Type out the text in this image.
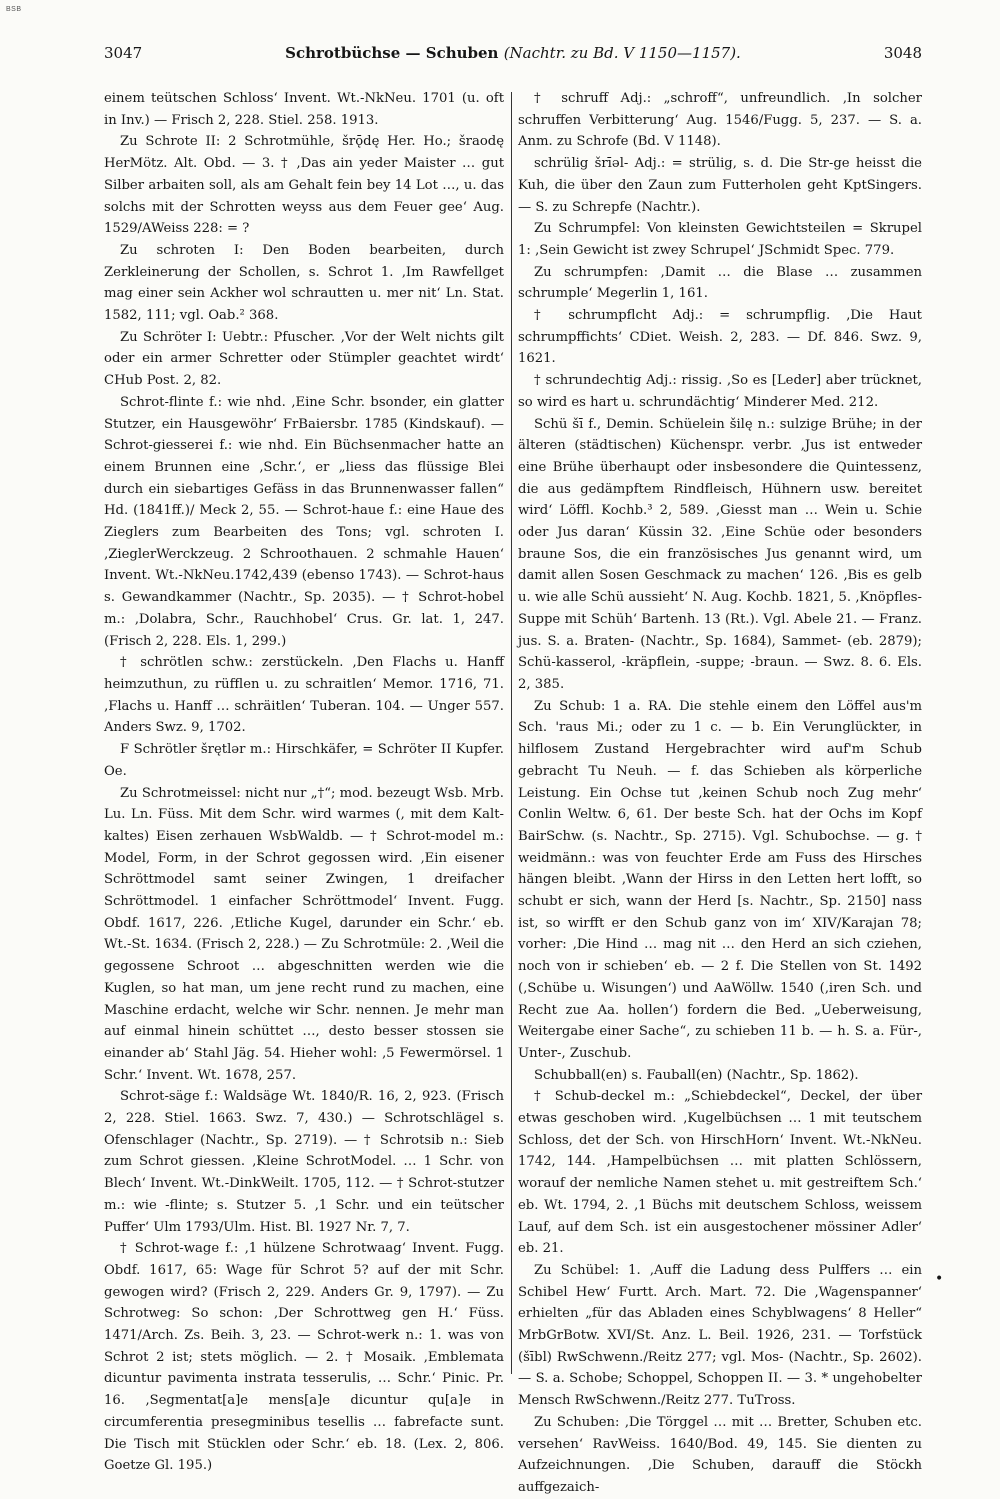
BSB
3047	Schrotbüchse — Schuben (Nachtr. zu Bd. V 1150—1157).	3048

einem teütschen Schloss‘ Invent. Wt.-NkNeu. 1701 (u. oft in Inv.) — Frisch 2, 228. Stiel. 258. 1913.

Zu Schrote II: 2 Schrotmühle, šrǭdę Her. Ho.; šraodę HerMötz. Alt. Obd. — 3. † ‚Das ain yeder Maister … gut Silber arbaiten soll, als am Gehalt fein bey 14 Lot …, u. das solchs mit der Schrotten weyss aus dem Feuer gee‘ Aug. 1529/AWeiss 228: = ?

Zu schroten I: Den Boden bearbeiten, durch Zerkleinerung der Schollen, s. Schrot 1. ‚Im Rawfellget mag einer sein Ackher wol schrautten u. mer nit‘ Ln. Stat. 1582, 111; vgl. Oab.² 368.

Zu Schröter I: Uebtr.: Pfuscher. ‚Vor der Welt nichts gilt oder ein armer Schretter oder Stümpler geachtet wirdt‘ CHub Post. 2, 82.

Schrot-flinte f.: wie nhd. ‚Eine Schr. bsonder, ein glatter Stutzer, ein Hausgewöhr‘ FrBaiersbr. 1785 (Kindskauf). — Schrot-giesserei f.: wie nhd. Ein Büchsenmacher hatte an einem Brunnen eine ‚Schr.‘, er „liess das flüssige Blei durch ein siebartiges Gefäss in das Brunnenwasser fallen“ Hd. (1841ff.)/ Meck 2, 55. — Schrot-haue f.: eine Haue des Zieglers zum Bearbeiten des Tons; vgl. schroten I. ‚ZieglerWerckzeug. 2 Schroothauen. 2 schmahle Hauen‘ Invent. Wt.-NkNeu.1742,439 (ebenso 1743). — Schrot-haus s. Gewandkammer (Nachtr., Sp. 2035). — † Schrot-hobel m.: ‚Dolabra, Schr., Rauchhobel‘ Crus. Gr. lat. 1, 247. (Frisch 2, 228. Els. 1, 299.)

† schrötlen schw.: zerstückeln. ‚Den Flachs u. Hanff heimzuthun, zu rüfflen u. zu schraitlen‘ Memor. 1716, 71. ‚Flachs u. Hanff … schräitlen‘ Tuberan. 104. — Unger 557. Anders Swz. 9, 1702.

F Schrötler šrętlər m.: Hirschkäfer, = Schröter II Kupfer. Oe.

Zu Schrotmeissel: nicht nur „†“; mod. bezeugt Wsb. Mrb. Lu. Ln. Füss. Mit dem Schr. wird warmes (, mit dem Kalt- kaltes) Eisen zerhauen WsbWaldb. — † Schrot-model m.: Model, Form, in der Schrot gegossen wird. ‚Ein eisener Schröttmodel samt seiner Zwingen, 1 dreifacher Schröttmodel. 1 einfacher Schröttmodel‘ Invent. Fugg. Obdf. 1617, 226. ‚Etliche Kugel, darunder ein Schr.‘ eb. Wt.-St. 1634. (Frisch 2, 228.) — Zu Schrotmüle: 2. ‚Weil die gegossene Schroot … abgeschnitten werden wie die Kuglen, so hat man, um jene recht rund zu machen, eine Maschine erdacht, welche wir Schr. nennen. Je mehr man auf einmal hinein schüttet …, desto besser stossen sie einander ab‘ Stahl Jäg. 54. Hieher wohl: ‚5 Fewermörsel. 1 Schr.‘ Invent. Wt. 1678, 257.

Schrot-säge f.: Waldsäge Wt. 1840/R. 16, 2, 923. (Frisch 2, 228. Stiel. 1663. Swz. 7, 430.) — Schrotschlägel s. Ofenschlager (Nachtr., Sp. 2719). — † Schrotsib n.: Sieb zum Schrot giessen. ‚Kleine SchrotModel. … 1 Schr. von Blech‘ Invent. Wt.-DinkWeilt. 1705, 112. — † Schrot-stutzer m.: wie -flinte; s. Stutzer 5. ‚1 Schr. und ein teütscher Puffer‘ Ulm 1793/Ulm. Hist. Bl. 1927 Nr. 7, 7.

† Schrot-wage f.: ‚1 hülzene Schrotwaag‘ Invent. Fugg. Obdf. 1617, 65: Wage für Schrot 5? auf der mit Schr. gewogen wird? (Frisch 2, 229. Anders Gr. 9, 1797). — Zu Schrotweg: So schon: ‚Der Schrottweg gen H.‘ Füss. 1471/Arch. Zs. Beih. 3, 23. — Schrot-werk n.: 1. was von Schrot 2 ist; stets möglich. — 2. † Mosaik. ‚Emblemata dicuntur pavimenta instrata tesserulis, … Schr.‘ Pinic. Pr. 16. ‚Segmentat[a]e mens[a]e dicuntur qu[a]e in circumferentia presegminibus tesellis … fabrefacte sunt. Die Tisch mit Stücklen oder Schr.‘ eb. 18. (Lex. 2, 806. Goetze Gl. 195.)

† schruff Adj.: „schroff“, unfreundlich. ‚In solcher schruffen Verbitterung‘ Aug. 1546/Fugg. 5, 237. — S. a. Anm. zu Schrofe (Bd. V 1148).

schrülig šrīəl- Adj.: = strülig, s. d. Die Str-ge heisst die Kuh, die über den Zaun zum Futterholen geht KptSingers. — S. zu Schrepfe (Nachtr.).

Zu Schrumpfel: Von kleinsten Gewichtsteilen = Skrupel 1: ‚Sein Gewicht ist zwey Schrupel‘ JSchmidt Spec. 779.

Zu schrumpfen: ‚Damit … die Blase … zusammen schrumple‘ Megerlin 1, 161.

† schrumpflcht Adj.: = schrumpflig. ‚Die Haut schrumpffichts‘ CDiet. Weish. 2, 283. — Df. 846. Swz. 9, 1621.

† schrundechtig Adj.: rissig. ‚So es [Leder] aber trücknet, so wird es hart u. schrundächtig‘ Minderer Med. 212.

Schü šī f., Demin. Schüelein šilę n.: sulzige Brühe; in der älteren (städtischen) Küchenspr. verbr. ‚Jus ist entweder eine Brühe überhaupt oder insbesondere die Quintessenz, die aus gedämpftem Rindfleisch, Hühnern usw. bereitet wird‘ Löffl. Kochb.³ 2, 589. ‚Giesst man … Wein u. Schie oder Jus daran‘ Küssin 32. ‚Eine Schüe oder besonders braune Sos, die ein französisches Jus genannt wird, um damit allen Sosen Geschmack zu machen‘ 126. ‚Bis es gelb u. wie alle Schü aussieht‘ N. Aug. Kochb. 1821, 5. ‚Knöpfles-Suppe mit Schüh‘ Bartenh. 13 (Rt.). Vgl. Abele 21. — Franz. jus. S. a. Braten- (Nachtr., Sp. 1684), Sammet- (eb. 2879); Schü-kasserol, -kräpflein, -suppe; -braun. — Swz. 8. 6. Els. 2, 385.

Zu Schub: 1 a. RA. Die stehle einem den Löffel aus'm Sch. 'raus Mi.; oder zu 1 c. — b. Ein Verunglückter, in hilflosem Zustand Hergebrachter wird auf'm Schub gebracht Tu Neuh. — f. das Schieben als körperliche Leistung. Ein Ochse tut ‚keinen Schub noch Zug mehr‘ Conlin Weltw. 6, 61. Der beste Sch. hat der Ochs im Kopf BairSchw. (s. Nachtr., Sp. 2715). Vgl. Schubochse. — g. † weidmänn.: was von feuchter Erde am Fuss des Hirsches hängen bleibt. ‚Wann der Hirss in den Letten hert lofft, so schubt er sich, wann der Herd [s. Nachtr., Sp. 2150] nass ist, so wirfft er den Schub ganz von im‘ XIV/Karajan 78; vorher: ‚Die Hind … mag nit … den Herd an sich cziehen, noch von ir schieben‘ eb. — 2 f. Die Stellen von St. 1492 (‚Schübe u. Wisungen‘) und AaWöllw. 1540 (‚iren Sch. und Recht zue Aa. hollen‘) fordern die Bed. „Ueberweisung, Weitergabe einer Sache“, zu schieben 11 b. — h. S. a. Für-, Unter-, Zuschub.

Schubball(en) s. Fauball(en) (Nachtr., Sp. 1862).

† Schub-deckel m.: „Schiebdeckel“, Deckel, der über etwas geschoben wird. ‚Kugelbüchsen … 1 mit teutschem Schloss, det der Sch. von HirschHorn‘ Invent. Wt.-NkNeu. 1742, 144. ‚Hampelbüchsen … mit platten Schlössern, worauf der nemliche Namen stehet u. mit gestreiftem Sch.‘ eb. Wt. 1794, 2. ‚1 Büchs mit deutschem Schloss, weissem Lauf, auf dem Sch. ist ein ausgestochener mössiner Adler‘ eb. 21.

Zu Schübel: 1. ‚Auff die Ladung dess Pulffers … ein Schibel Hew‘ Furtt. Arch. Mart. 72. Die ‚Wagenspanner‘ erhielten „für das Abladen eines Schyblwagens‘ 8 Heller“ MrbGrBotw. XVI/St. Anz. L. Beil. 1926, 231. — Torfstück (šībl) RwSchwenn./Reitz 277; vgl. Mos- (Nachtr., Sp. 2602). — S. a. Schobe; Schoppel, Schoppen II. — 3. * ungehobelter Mensch RwSchwenn./Reitz 277. TuTross.

Zu Schuben: ‚Die Törggel … mit … Bretter, Schuben etc. versehen‘ RavWeiss. 1640/Bod. 49, 145. Sie dienten zu Aufzeichnungen. ‚Die Schuben, darauff die Stöckh auffgezaich-

•
